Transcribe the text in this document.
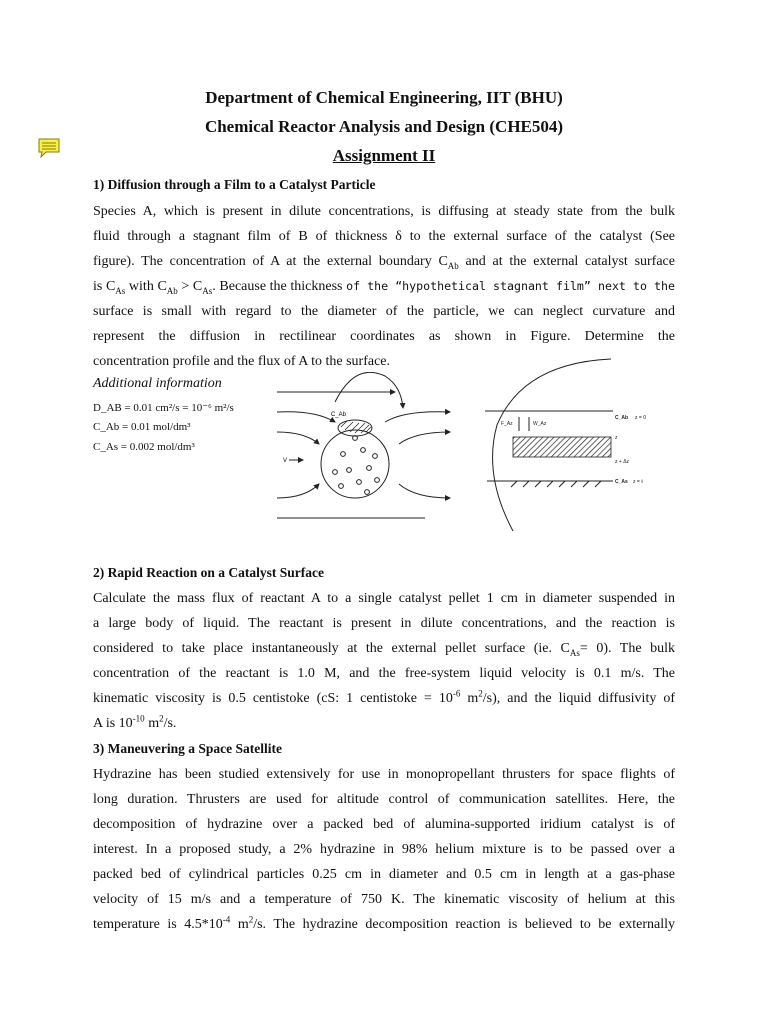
Department of Chemical Engineering, IIT (BHU)
Chemical Reactor Analysis and Design (CHE504)
Assignment II
1) Diffusion through a Film to a Catalyst Particle
Species A, which is present in dilute concentrations, is diffusing at steady state from the bulk
fluid through a stagnant film of B of thickness δ to the external surface of the catalyst (See
figure). The concentration of A at the external boundary $C_{Ab}$ and at the external catalyst surface
is $C_{As}$ with $C_{Ab} > C_{As}$. Because the thickness of the “hypothetical stagnant film” next to the
surface is small with regard to the diameter of the particle, we can neglect curvature and
represent the diffusion in rectilinear coordinates as shown in Figure. Determine the
concentration profile and the flux of A to the surface.
Additional information
D_AB = 0.01 cm²/s = 10⁻⁶ m²/s
C_Ab = 0.01 mol/dm³
C_As = 0.002 mol/dm³
C_Ab
V
C_Ab z = 0
F_Az	W_Az
z
z + Δz
C_As z = ℓ
2) Rapid Reaction on a Catalyst Surface
Calculate the mass flux of reactant A to a single catalyst pellet 1 cm in diameter suspended in
a large body of liquid. The reactant is present in dilute concentrations, and the reaction is
considered to take place instantaneously at the external pellet surface (ie. $C_{As}= 0$). The bulk
concentration of the reactant is 1.0 M, and the free-system liquid velocity is 0.1 m/s. The
kinematic viscosity is 0.5 centistoke (cS: 1 centistoke = $10^{-6}$ $m^2/s$), and the liquid diffusivity of
A is $10^{-10}$ $m^2/s$.
3) Maneuvering a Space Satellite
Hydrazine has been studied extensively for use in monopropellant thrusters for space flights of
long duration. Thrusters are used for altitude control of communication satellites. Here, the
decomposition of hydrazine over a packed bed of alumina-supported iridium catalyst is of
interest. In a proposed study, a 2% hydrazine in 98% helium mixture is to be passed over a
packed bed of cylindrical particles 0.25 cm in diameter and 0.5 cm in length at a gas-phase
velocity of 15 m/s and a temperature of 750 K. The kinematic viscosity of helium at this
temperature is $4.5*10^{-4}$ $m^2/s$. The hydrazine decomposition reaction is believed to be externally
